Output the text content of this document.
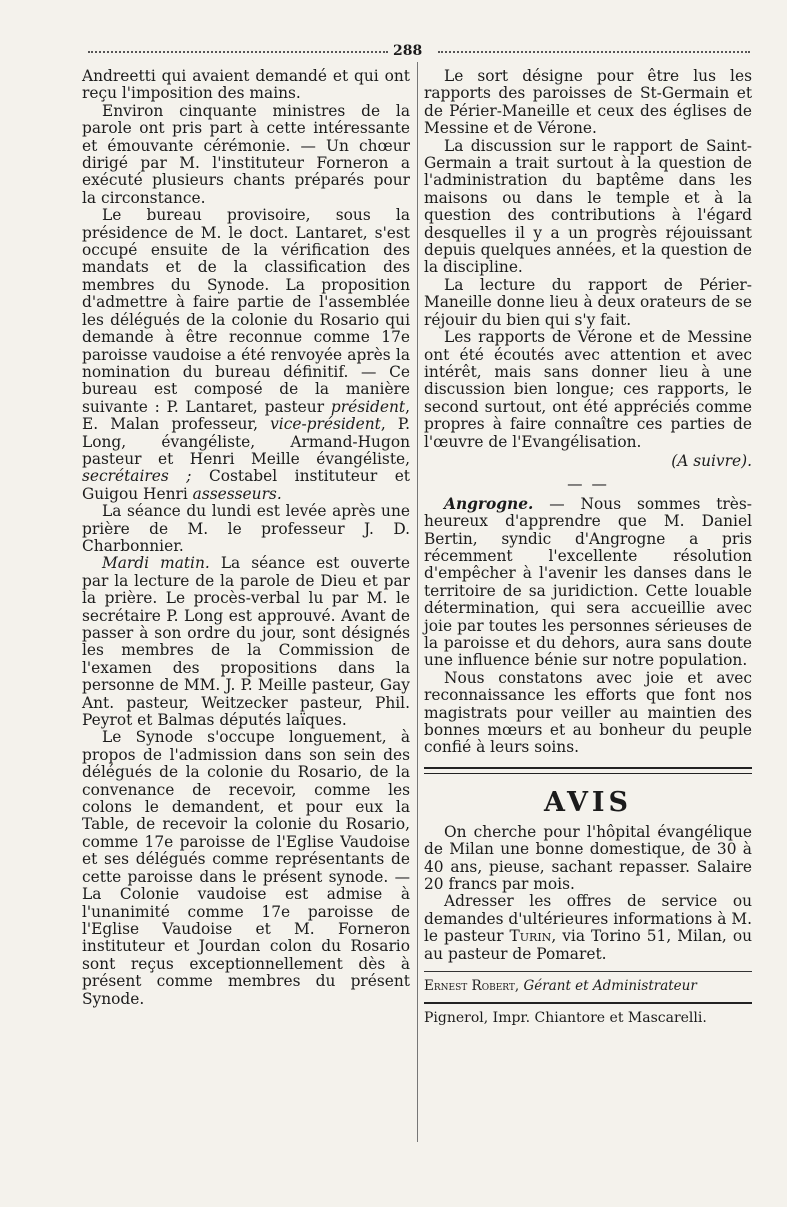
288

Andreetti qui avaient demandé et qui ont reçu l'imposition des mains.

Environ cinquante ministres de la parole ont pris part à cette intéressante et émouvante cérémonie. — Un chœur dirigé par M. l'instituteur Forneron a exécuté plusieurs chants préparés pour la circonstance.

Le bureau provisoire, sous la présidence de M. le doct. Lantaret, s'est occupé ensuite de la vérification des mandats et de la classification des membres du Synode. La proposition d'admettre à faire partie de l'assemblée les délégués de la colonie du Rosario qui demande à être reconnue comme 17e paroisse vaudoise a été renvoyée après la nomination du bureau définitif. — Ce bureau est composé de la manière suivante : P. Lantaret, pasteur président, E. Malan professeur, vice-président, P. Long, évangéliste, Armand-Hugon pasteur et Henri Meille évangéliste, secrétaires ; Costabel instituteur et Guigou Henri assesseurs.

La séance du lundi est levée après une prière de M. le professeur J. D. Charbonnier.

Mardi matin. La séance est ouverte par la lecture de la parole de Dieu et par la prière. Le procès-verbal lu par M. le secrétaire P. Long est approuvé. Avant de passer à son ordre du jour, sont désignés les membres de la Commission de l'examen des propositions dans la personne de MM. J. P. Meille pasteur, Gay Ant. pasteur, Weitzecker pasteur, Phil. Peyrot et Balmas députés laïques.

Le Synode s'occupe longuement, à propos de l'admission dans son sein des délégués de la colonie du Rosario, de la convenance de recevoir, comme les colons le demandent, et pour eux la Table, de recevoir la colonie du Rosario, comme 17e paroisse de l'Eglise Vaudoise et ses délégués comme représentants de cette paroisse dans le présent synode. — La Colonie vaudoise est admise à l'unanimité comme 17e paroisse de l'Eglise Vaudoise et M. Forneron instituteur et Jourdan colon du Rosario sont reçus exceptionnellement dès à présent comme membres du présent Synode.

Le sort désigne pour être lus les rapports des paroisses de St-Germain et de Périer-Maneille et ceux des églises de Messine et de Vérone.

La discussion sur le rapport de Saint-Germain a trait surtout à la question de l'administration du baptême dans les maisons ou dans le temple et à la question des contributions à l'égard desquelles il y a un progrès réjouissant depuis quelques années, et la question de la discipline.

La lecture du rapport de Périer-Maneille donne lieu à deux orateurs de se réjouir du bien qui s'y fait.

Les rapports de Vérone et de Messine ont été écoutés avec attention et avec intérêt, mais sans donner lieu à une discussion bien longue; ces rapports, le second surtout, ont été appréciés comme propres à faire connaître ces parties de l'œuvre de l'Evangélisation.

(A suivre).

— —

Angrogne. — Nous sommes très-heureux d'apprendre que M. Daniel Bertin, syndic d'Angrogne a pris récemment l'excellente résolution d'empêcher à l'avenir les danses dans le territoire de sa juridiction. Cette louable détermination, qui sera accueillie avec joie par toutes les personnes sérieuses de la paroisse et du dehors, aura sans doute une influence bénie sur notre population.

Nous constatons avec joie et avec reconnaissance les efforts que font nos magistrats pour veiller au maintien des bonnes mœurs et au bonheur du peuple confié à leurs soins.

AVIS

On cherche pour l'hôpital évangélique de Milan une bonne domestique, de 30 à 40 ans, pieuse, sachant repasser. Salaire 20 francs par mois.

Adresser les offres de service ou demandes d'ultérieures informations à M. le pasteur Turin, via Torino 51, Milan, ou au pasteur de Pomaret.

Ernest Robert, Gérant et Administrateur

Pignerol, Impr. Chiantore et Mascarelli.
